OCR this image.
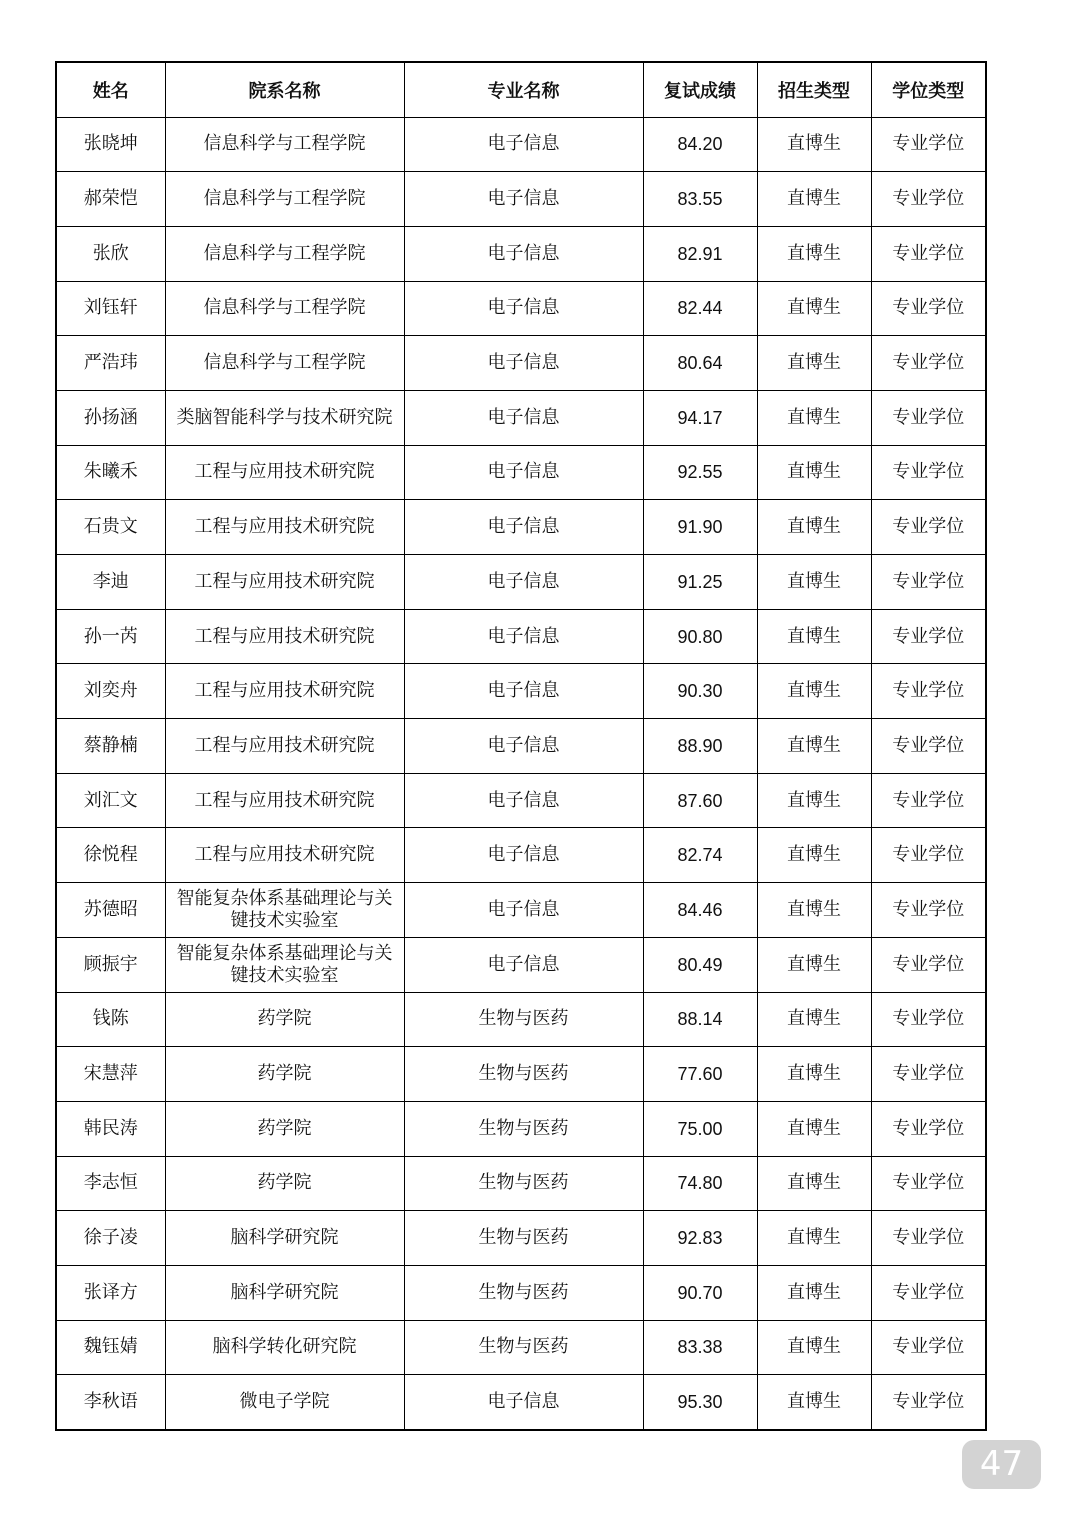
姓名	院系名称	专业名称	复试成绩	招生类型	学位类型
张晓坤	信息科学与工程学院	电子信息	84.20	直博生	专业学位
郝荣恺	信息科学与工程学院	电子信息	83.55	直博生	专业学位
张欣	信息科学与工程学院	电子信息	82.91	直博生	专业学位
刘钰轩	信息科学与工程学院	电子信息	82.44	直博生	专业学位
严浩玮	信息科学与工程学院	电子信息	80.64	直博生	专业学位
孙扬涵	类脑智能科学与技术研究院	电子信息	94.17	直博生	专业学位
朱曦禾	工程与应用技术研究院	电子信息	92.55	直博生	专业学位
石贵文	工程与应用技术研究院	电子信息	91.90	直博生	专业学位
李迪	工程与应用技术研究院	电子信息	91.25	直博生	专业学位
孙一芮	工程与应用技术研究院	电子信息	90.80	直博生	专业学位
刘奕舟	工程与应用技术研究院	电子信息	90.30	直博生	专业学位
蔡静楠	工程与应用技术研究院	电子信息	88.90	直博生	专业学位
刘汇文	工程与应用技术研究院	电子信息	87.60	直博生	专业学位
徐悦程	工程与应用技术研究院	电子信息	82.74	直博生	专业学位
苏德昭	智能复杂体系基础理论与关键技术实验室	电子信息	84.46	直博生	专业学位
顾振宇	智能复杂体系基础理论与关键技术实验室	电子信息	80.49	直博生	专业学位
钱陈	药学院	生物与医药	88.14	直博生	专业学位
宋慧萍	药学院	生物与医药	77.60	直博生	专业学位
韩民涛	药学院	生物与医药	75.00	直博生	专业学位
李志恒	药学院	生物与医药	74.80	直博生	专业学位
徐子凌	脑科学研究院	生物与医药	92.83	直博生	专业学位
张译方	脑科学研究院	生物与医药	90.70	直博生	专业学位
魏钰婧	脑科学转化研究院	生物与医药	83.38	直博生	专业学位
李秋语	微电子学院	电子信息	95.30	直博生	专业学位
47
